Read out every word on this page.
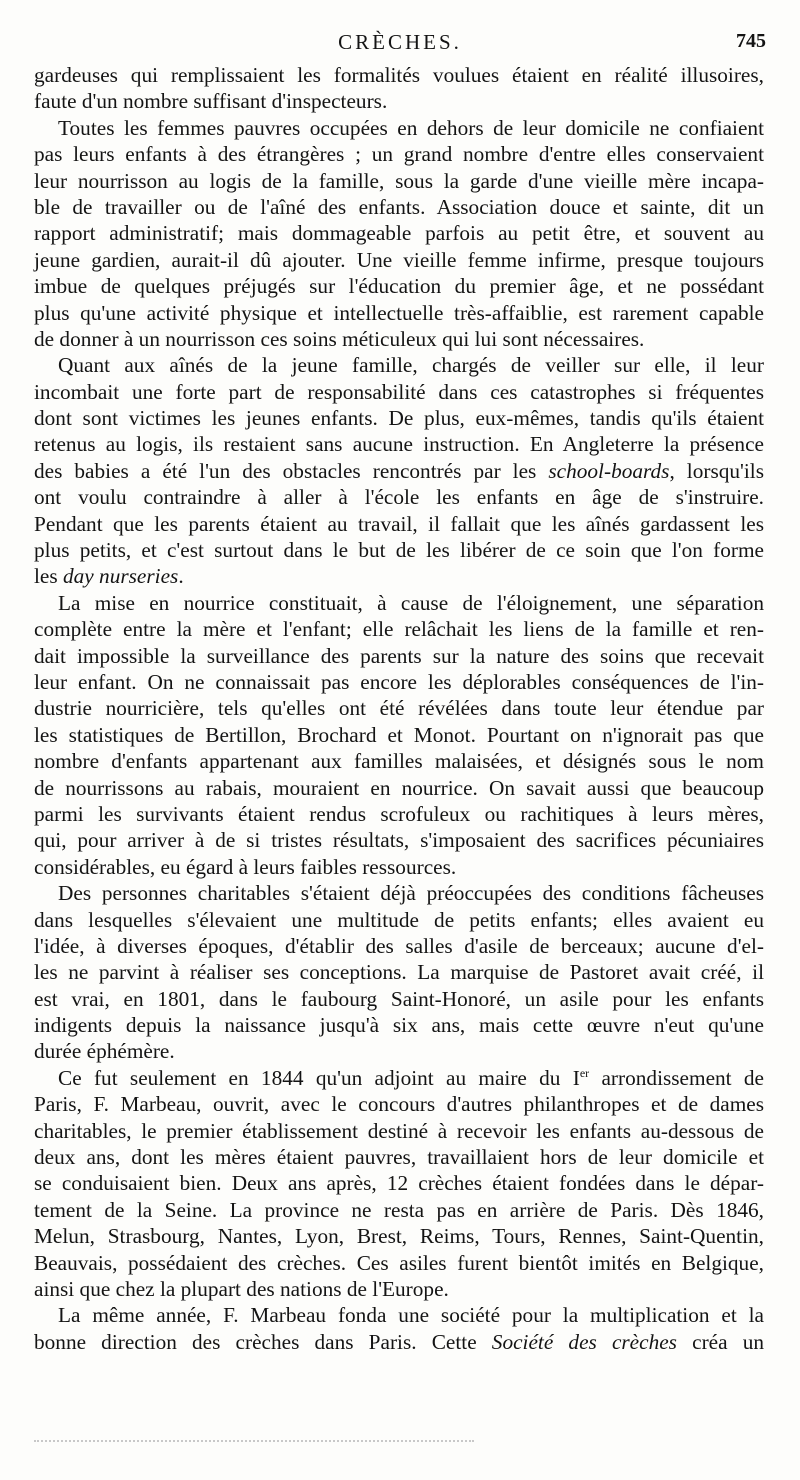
CRÈCHES.	745
gardeuses qui remplissaient les formalités voulues étaient en réalité illusoires,
faute d'un nombre suffisant d'inspecteurs.
Toutes les femmes pauvres occupées en dehors de leur domicile ne confiaient
pas leurs enfants à des étrangères ; un grand nombre d'entre elles conservaient
leur nourrisson au logis de la famille, sous la garde d'une vieille mère incapa-
ble de travailler ou de l'aîné des enfants. Association douce et sainte, dit un
rapport administratif; mais dommageable parfois au petit être, et souvent au
jeune gardien, aurait-il dû ajouter. Une vieille femme infirme, presque toujours
imbue de quelques préjugés sur l'éducation du premier âge, et ne possédant
plus qu'une activité physique et intellectuelle très-affaiblie, est rarement capable
de donner à un nourrisson ces soins méticuleux qui lui sont nécessaires.
Quant aux aînés de la jeune famille, chargés de veiller sur elle, il leur
incombait une forte part de responsabilité dans ces catastrophes si fréquentes
dont sont victimes les jeunes enfants. De plus, eux-mêmes, tandis qu'ils étaient
retenus au logis, ils restaient sans aucune instruction. En Angleterre la présence
des babies a été l'un des obstacles rencontrés par les school-boards, lorsqu'ils
ont voulu contraindre à aller à l'école les enfants en âge de s'instruire.
Pendant que les parents étaient au travail, il fallait que les aînés gardassent les
plus petits, et c'est surtout dans le but de les libérer de ce soin que l'on forme
les day nurseries.
La mise en nourrice constituait, à cause de l'éloignement, une séparation
complète entre la mère et l'enfant; elle relâchait les liens de la famille et ren-
dait impossible la surveillance des parents sur la nature des soins que recevait
leur enfant. On ne connaissait pas encore les déplorables conséquences de l'in-
dustrie nourricière, tels qu'elles ont été révélées dans toute leur étendue par
les statistiques de Bertillon, Brochard et Monot. Pourtant on n'ignorait pas que
nombre d'enfants appartenant aux familles malaisées, et désignés sous le nom
de nourrissons au rabais, mouraient en nourrice. On savait aussi que beaucoup
parmi les survivants étaient rendus scrofuleux ou rachitiques à leurs mères,
qui, pour arriver à de si tristes résultats, s'imposaient des sacrifices pécuniaires
considérables, eu égard à leurs faibles ressources.
Des personnes charitables s'étaient déjà préoccupées des conditions fâcheuses
dans lesquelles s'élevaient une multitude de petits enfants; elles avaient eu
l'idée, à diverses époques, d'établir des salles d'asile de berceaux; aucune d'el-
les ne parvint à réaliser ses conceptions. La marquise de Pastoret avait créé, il
est vrai, en 1801, dans le faubourg Saint-Honoré, un asile pour les enfants
indigents depuis la naissance jusqu'à six ans, mais cette œuvre n'eut qu'une
durée éphémère.
Ce fut seulement en 1844 qu'un adjoint au maire du Ier arrondissement de
Paris, F. Marbeau, ouvrit, avec le concours d'autres philanthropes et de dames
charitables, le premier établissement destiné à recevoir les enfants au-dessous de
deux ans, dont les mères étaient pauvres, travaillaient hors de leur domicile et
se conduisaient bien. Deux ans après, 12 crèches étaient fondées dans le dépar-
tement de la Seine. La province ne resta pas en arrière de Paris. Dès 1846,
Melun, Strasbourg, Nantes, Lyon, Brest, Reims, Tours, Rennes, Saint-Quentin,
Beauvais, possédaient des crèches. Ces asiles furent bientôt imités en Belgique,
ainsi que chez la plupart des nations de l'Europe.
La même année, F. Marbeau fonda une société pour la multiplication et la
bonne direction des crèches dans Paris. Cette Société des crèches créa un
